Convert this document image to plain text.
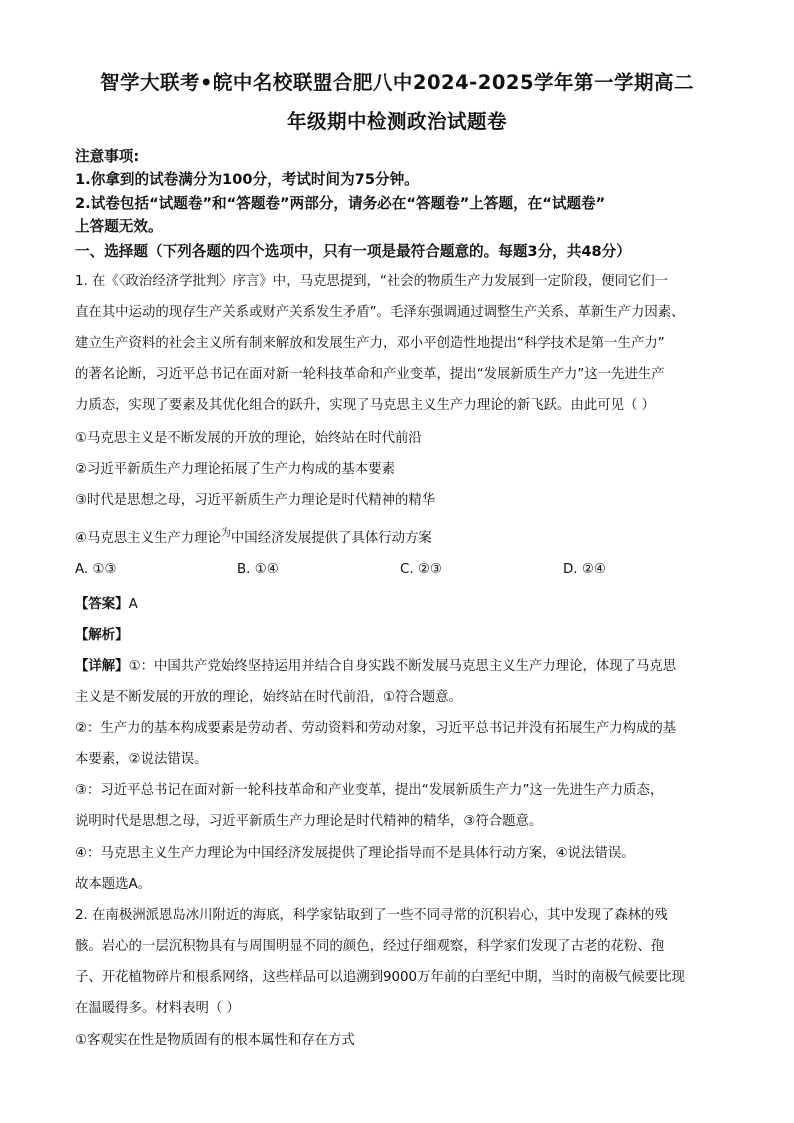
智学大联考•皖中名校联盟合肥八中2024-2025学年第一学期高二
年级期中检测政治试题卷
注意事项:
1.你拿到的试卷满分为100分，考试时间为75分钟。
2.试卷包括“试题卷”和“答题卷”两部分，请务必在“答题卷”上答题，在“试题卷”
上答题无效。
一、选择题（下列各题的四个选项中，只有一项是最符合题意的。每题3分，共48分）
1. 在《〈政治经济学批判〉序言》中，马克思提到，“社会的物质生产力发展到一定阶段，便同它们一
直在其中运动的现存生产关系或财产关系发生矛盾”。毛泽东强调通过调整生产关系、革新生产力因素、
建立生产资料的社会主义所有制来解放和发展生产力，邓小平创造性地提出“科学技术是第一生产力”
的著名论断，习近平总书记在面对新一轮科技革命和产业变革，提出“发展新质生产力”这一先进生产
力质态，实现了要素及其优化组合的跃升，实现了马克思主义生产力理论的新飞跃。由此可见（ ）
①马克思主义是不断发展的开放的理论，始终站在时代前沿
②习近平新质生产力理论拓展了生产力构成的基本要素
③时代是思想之母，习近平新质生产力理论是时代精神的精华
④马克思主义生产力理论$^为$中国经济发展提供了具体行动方案
A. ①③	B. ①④	C. ②③	D. ②④
【答案】A
【解析】
【详解】①：中国共产党始终坚持运用并结合自身实践不断发展马克思主义生产力理论，体现了马克思
主义是不断发展的开放的理论，始终站在时代前沿，①符合题意。
②：生产力的基本构成要素是劳动者、劳动资料和劳动对象，习近平总书记并没有拓展生产力构成的基
本要素，②说法错误。
③：习近平总书记在面对新一轮科技革命和产业变革，提出“发展新质生产力”这一先进生产力质态，
说明时代是思想之母，习近平新质生产力理论是时代精神的精华，③符合题意。
④：马克思主义生产力理论为中国经济发展提供了理论指导而不是具体行动方案，④说法错误。
故本题选A。
2. 在南极洲派恩岛冰川附近的海底，科学家钻取到了一些不同寻常的沉积岩心，其中发现了森林的残
骸。岩心的一层沉积物具有与周围明显不同的颜色，经过仔细观察，科学家们发现了古老的花粉、孢
子、开花植物碎片和根系网络，这些样品可以追溯到9000万年前的白垩纪中期，当时的南极气候要比现
在温暖得多。材料表明（ ）
①客观实在性是物质固有的根本属性和存在方式
